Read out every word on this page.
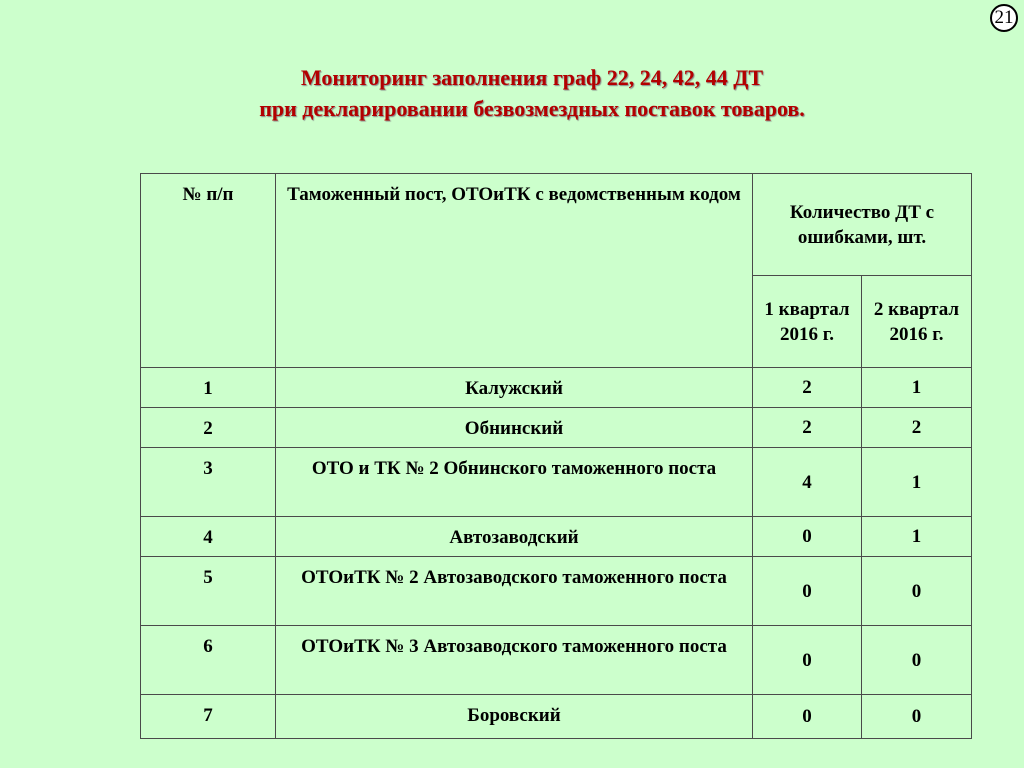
21
Мониторинг заполнения граф 22, 24, 42, 44 ДТ
при декларировании безвозмездных поставок товаров.
№ п/п	Таможенный пост, ОТОиТК с ведомственным кодом	Количество ДТ с ошибками, шт.	
		1 квартал 2016 г.	2 квартал 2016 г.
1	Калужский	2	1
2	Обнинский	2	2
3	ОТО и ТК № 2 Обнинского таможенного поста	4	1
4	Автозаводский	0	1
5	ОТОиТК № 2 Автозаводского таможенного поста	0	0
6	ОТОиТК № 3 Автозаводского таможенного поста	0	0
7	Боровский	0	0
